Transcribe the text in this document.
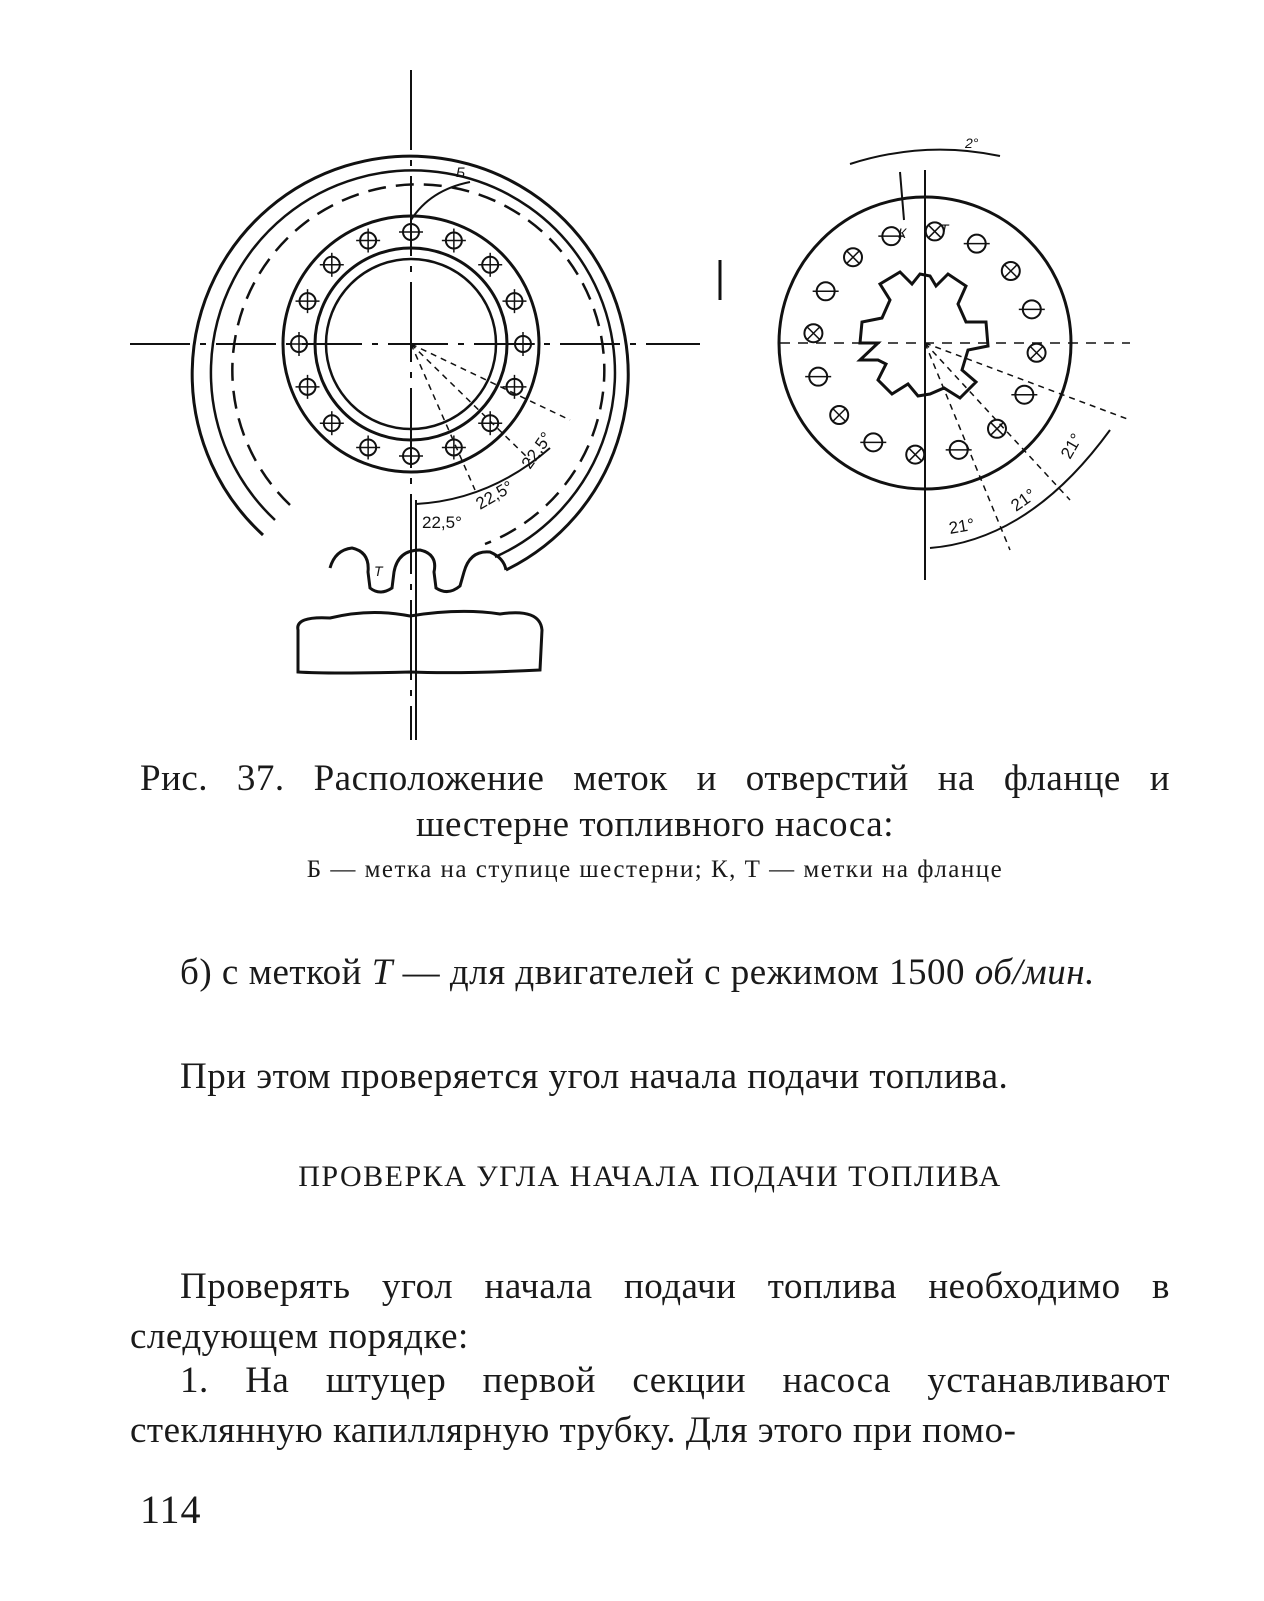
Б
Т
К Т
2°
22,5°
22,5°
22,5°
21°
21°
21°
Рис. 37. Расположение меток и отверстий на фланце и шестерне топливного насоса:
Б — метка на ступице шестерни; К, Т — метки на фланце
б) с меткой Т — для двигателей с режимом 1500 об/мин.
При этом проверяется угол начала подачи топлива.
ПРОВЕРКА УГЛА НАЧАЛА ПОДАЧИ ТОПЛИВА
Проверять угол начала подачи топлива необходимо в следующем порядке:
1. На штуцер первой секции насоса устанавливают стеклянную капиллярную трубку. Для этого при помо-
114
